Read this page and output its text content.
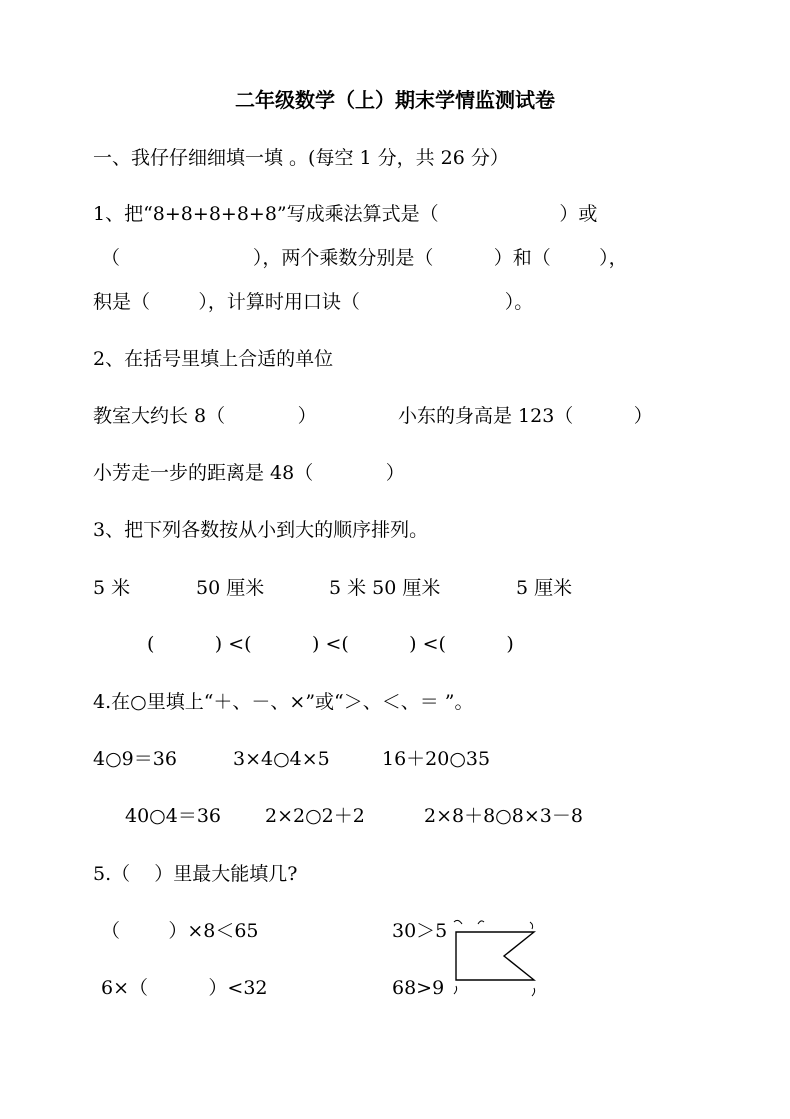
二年级数学（上）期末学情监测试卷
一、我仔仔细细填一填 。(每空 1 分，共 26 分）
1、把“8+8+8+8+8”写成乘法算式是（                    ）或
（                      ），两个乘数分别是（          ）和（        ），
积是（        ），计算时用口诀（                        ）。
2、在括号里填上合适的单位
教室大约长 8（            ）	小东的身高是 123（          ）
小芳走一步的距离是 48（            ）
3、把下列各数按从小到大的顺序排列。
5 米	50 厘米	5 米 50 厘米	5 厘米
(          ) <(          ) <(          ) <(          )
4.在○里填上“＋、－、×”或“＞、＜、＝ ”。
4○9＝36	3×4○4×5	16＋20○35
40○4＝36 2×2○2＋2	2×8＋8○8×3－8
5.（    ）里最大能填几?
（        ）×8＜65	30＞5
6×（          ）<32	68>9
